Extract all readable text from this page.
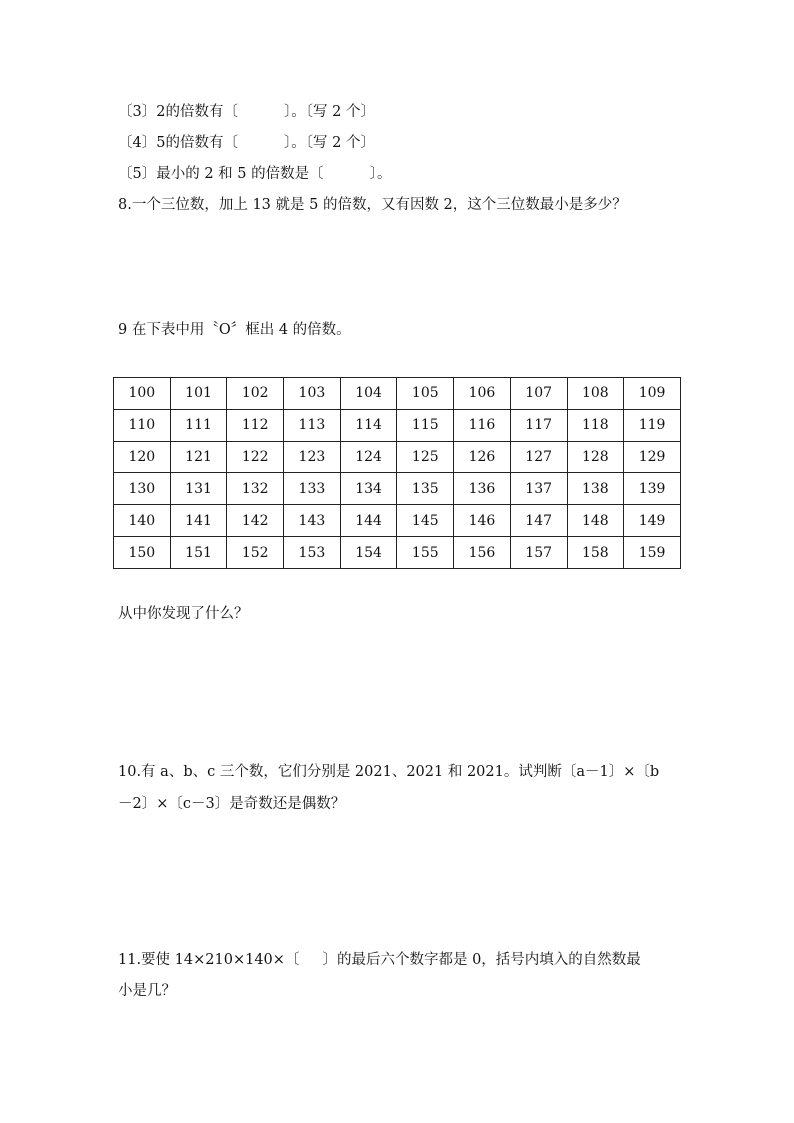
〔3〕2的倍数有〔          〕。〔写 2 个〕
〔4〕5的倍数有〔          〕。〔写 2 个〕
〔5〕最小的 2 和 5 的倍数是〔          〕。
8.一个三位数，加上 13 就是 5 的倍数，又有因数 2，这个三位数最小是多少？
9 在下表中用〝O〞框出 4 的倍数。
100	101	102	103	104	105	106	107	108	109
110	111	112	113	114	115	116	117	118	119
120	121	122	123	124	125	126	127	128	129
130	131	132	133	134	135	136	137	138	139
140	141	142	143	144	145	146	147	148	149
150	151	152	153	154	155	156	157	158	159
从中你发现了什么？
10.有 a、b、c 三个数，它们分别是 2021、2021 和 2021。试判断〔a－1〕×〔b
－2〕×〔c－3〕是奇数还是偶数？
11.要使 14×210×140×〔     〕的最后六个数字都是 0，括号内填入的自然数最
小是几？
